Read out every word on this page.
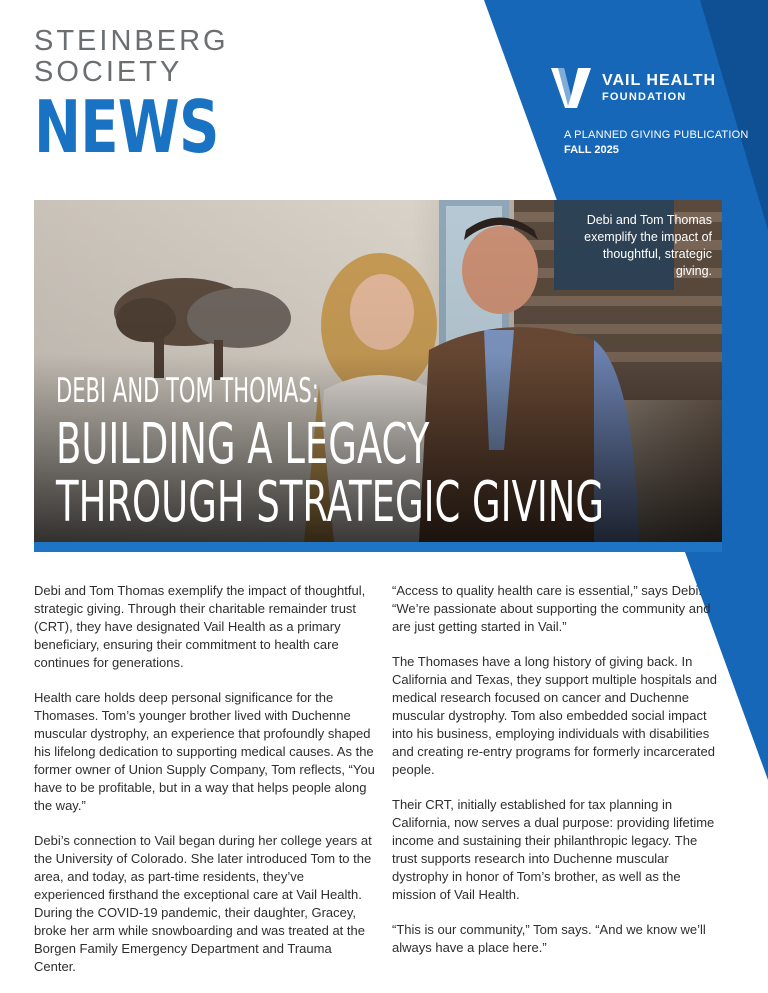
STEINBERG
SOCIETY
NEWS
VAIL HEALTH
FOUNDATION
A PLANNED GIVING PUBLICATION
FALL 2025
Debi and Tom Thomas exemplify the impact of thoughtful, strategic giving.
DEBI AND TOM THOMAS:
BUILDING A LEGACY
THROUGH STRATEGIC GIVING

Debi and Tom Thomas exemplify the impact of thoughtful, strategic giving. Through their charitable remainder trust (CRT), they have designated Vail Health as a primary beneficiary, ensuring their commitment to health care continues for generations.

Health care holds deep personal significance for the Thomases. Tom’s younger brother lived with Duchenne muscular dystrophy, an experience that profoundly shaped his lifelong dedication to supporting medical causes. As the former owner of Union Supply Company, Tom reflects, “You have to be profitable, but in a way that helps people along the way.”

Debi’s connection to Vail began during her college years at the University of Colorado. She later introduced Tom to the area, and today, as part-time residents, they’ve experienced firsthand the exceptional care at Vail Health. During the COVID-19 pandemic, their daughter, Gracey, broke her arm while snowboarding and was treated at the Borgen Family Emergency Department and Trauma Center.

“Access to quality health care is essential,” says Debi. “We’re passionate about supporting the community and are just getting started in Vail.”

The Thomases have a long history of giving back. In California and Texas, they support multiple hospitals and medical research focused on cancer and Duchenne muscular dystrophy. Tom also embedded social impact into his business, employing individuals with disabilities and creating re-entry programs for formerly incarcerated people.

Their CRT, initially established for tax planning in California, now serves a dual purpose: providing lifetime income and sustaining their philanthropic legacy. The trust supports research into Duchenne muscular dystrophy in honor of Tom’s brother, as well as the mission of Vail Health.

“This is our community,” Tom says. “And we know we’ll always have a place here.”
